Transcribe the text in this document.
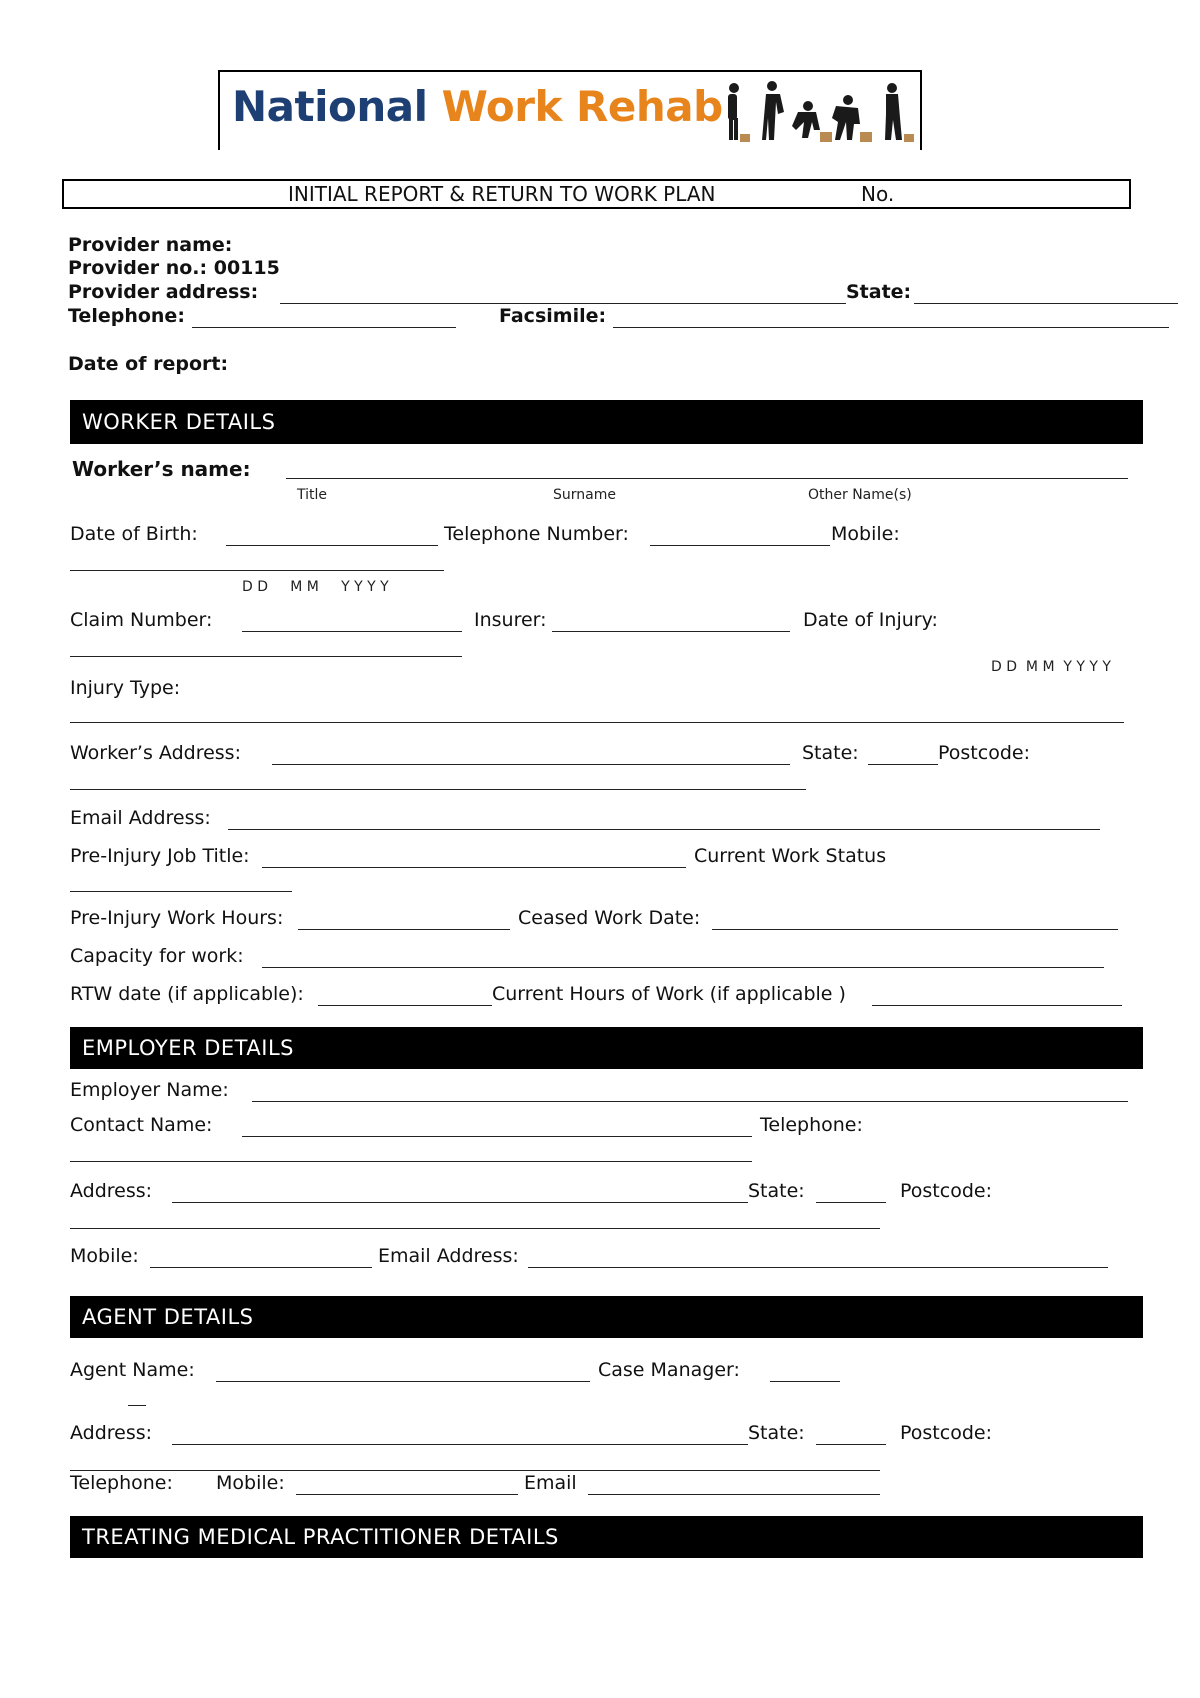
National Work Rehab
INITIAL REPORT & RETURN TO WORK PLAN	No.
Provider name:
Provider no.: 00115
Provider address:	State:
Telephone:	Facsimile:
Date of report:
WORKER DETAILS
Worker’s name:
Title	Surname	Other Name(s)
Date of Birth:	Telephone Number:	Mobile:
D D     M M     Y Y Y Y
Claim Number:	Insurer:	Date of Injury:
D D  M M  Y Y Y Y
Injury Type:
Worker’s Address:	State:	Postcode:
Email Address:
Pre-Injury Job Title:	Current Work Status
Pre-Injury Work Hours:	Ceased Work Date:
Capacity for work:
RTW date (if applicable):	Current Hours of Work (if applicable )
EMPLOYER DETAILS
Employer Name:
Contact Name:	Telephone:
Address:	State:	Postcode:
Mobile:	Email Address:
AGENT DETAILS
Agent Name:	Case Manager:
Address:	State:	Postcode:
Telephone: Mobile:	Email
TREATING MEDICAL PRACTITIONER DETAILS
